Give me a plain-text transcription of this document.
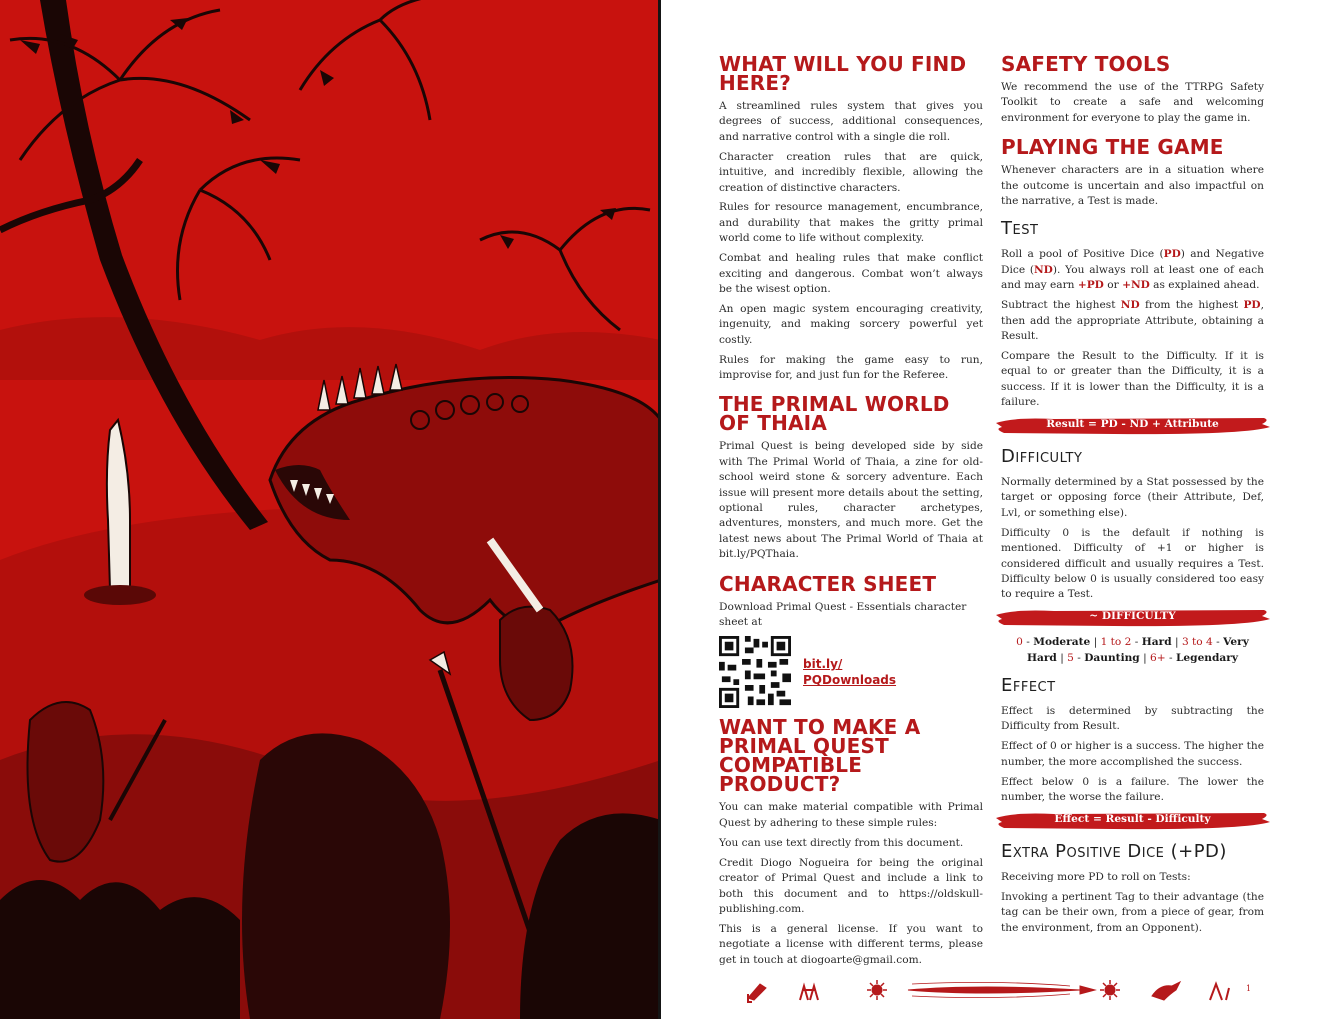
WHAT WILL YOU FIND HERE?

A streamlined rules system that gives you degrees of success, additional consequences, and narrative control with a single die roll.

Character creation rules that are quick, intuitive, and incredibly flexible, allowing the creation of distinctive characters.

Rules for resource management, encumbrance, and durability that makes the gritty primal world come to life without complexity.

Combat and healing rules that make conflict exciting and dangerous. Combat won’t always be the wisest option.

An open magic system encouraging creativity, ingenuity, and making sorcery powerful yet costly.

Rules for making the game easy to run, improvise for, and just fun for the Referee.

THE PRIMAL WORLD OF THAIA

Primal Quest is being developed side by side with The Primal World of Thaia, a zine for old-school weird stone & sorcery adventure. Each issue will present more details about the setting, optional rules, character archetypes, adventures, monsters, and much more. Get the latest news about The Primal World of Thaia at bit.ly/PQThaia.

CHARACTER SHEET

Download Primal Quest - Essentials character sheet at

bit.ly/
PQDownloads
WANT TO MAKE A PRIMAL QUEST COMPATIBLE PRODUCT?

You can make material compatible with Primal Quest by adhering to these simple rules:

You can use text directly from this document.

Credit Diogo Nogueira for being the original creator of Primal Quest and include a link to both this document and to https://oldskull-publishing.com.

This is a general license. If you want to negotiate a license with different terms, please get in touch at diogoarte@gmail.com.

SAFETY TOOLS

We recommend the use of the TTRPG Safety Toolkit to create a safe and welcoming environment for everyone to play the game in.

PLAYING THE GAME

Whenever characters are in a situation where the outcome is uncertain and also impactful on the narrative, a Test is made.

Test

Roll a pool of Positive Dice (PD) and Negative Dice (ND). You always roll at least one of each and may earn +PD or +ND as explained ahead.

Subtract the highest ND from the highest PD, then add the appropriate Attribute, obtaining a Result.

Compare the Result to the Difficulty. If it is equal to or greater than the Difficulty, it is a success. If it is lower than the Difficulty, it is a failure.

Result = PD - ND + Attribute
Difficulty

Normally determined by a Stat possessed by the target or opposing force (their Attribute, Def, Lvl, or something else).

Difficulty 0 is the default if nothing is mentioned. Difficulty of +1 or higher is considered difficult and usually requires a Test. Difficulty below 0 is usually considered too easy to require a Test.

~ DIFFICULTY
0 - Moderate | 1 to 2 - Hard | 3 to 4 - Very Hard | 5 - Daunting | 6+ - Legendary
Effect

Effect is determined by subtracting the Difficulty from Result.

Effect of 0 or higher is a success. The higher the number, the more accomplished the success.

Effect below 0 is a failure. The lower the number, the worse the failure.

Effect = Result - Difficulty
Extra Positive Dice (+PD)

Receiving more PD to roll on Tests:

Invoking a pertinent Tag to their advantage (the tag can be their own, from a piece of gear, from the environment, from an Opponent).

1
